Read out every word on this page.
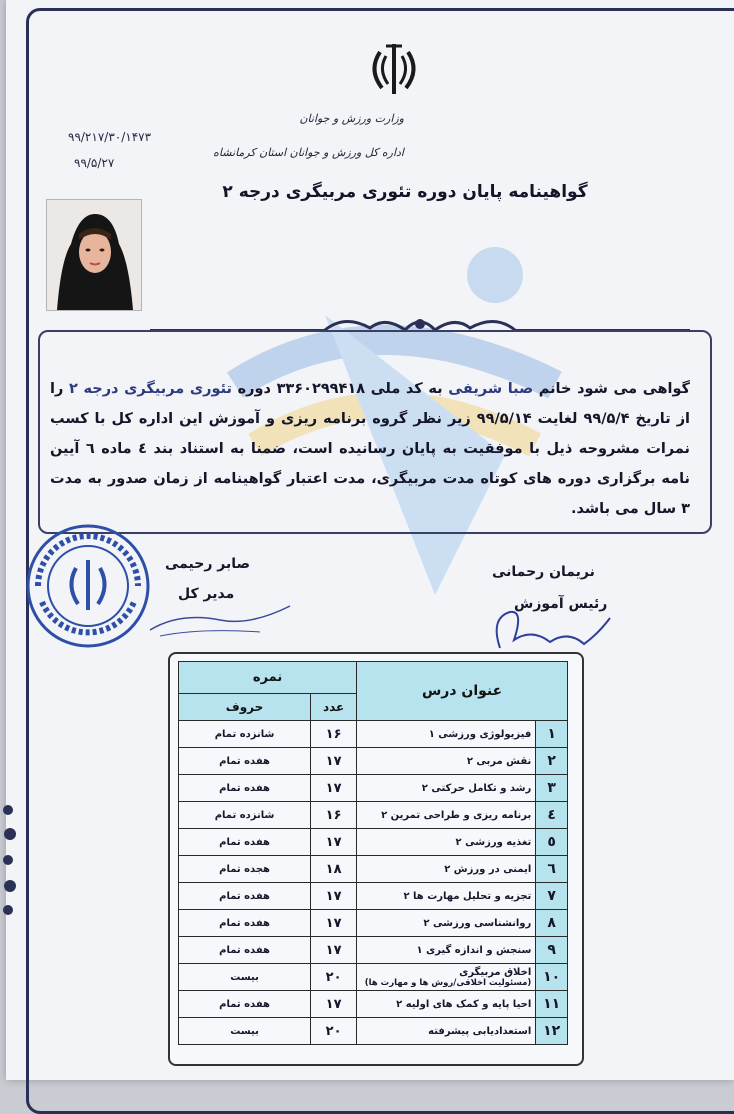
وزارت ورزش و جوانان
اداره کل ورزش و جوانان استان کرمانشاه
۹۹/۲۱۷/۳۰/۱۴۷۳
۹۹/۵/۲۷
گواهینامه پایان دوره تئوری مربیگری درجه ۲
گواهی می شود خانم صبا شریفی به کد ملی ۳۳۶۰۲۹۹۴۱۸ دوره تئوری مربیگری درجه ۲ را از تاریخ ۹۹/۵/۴ لغایت ۹۹/۵/۱۴ زیر نظر گروه برنامه ریزی و آموزش این اداره کل با کسب نمرات مشروحه ذیل با موفقیت به پایان رسانیده است، ضمنا به استناد بند ٤ ماده ٦ آیین نامه برگزاری دوره های کوتاه مدت مربیگری، مدت اعتبار گواهینامه از زمان صدور به مدت ۳ سال می باشد.
صابر رحیمی
مدیر کل
نریمان رحمانی
رئیس آموزش
عنوان درس		نمره	
		عدد	حروف
۱	فیزیولوژی ورزشی ۱	۱۶	شانزده تمام
۲	نقش مربی ۲	۱۷	هفده تمام
۳	رشد و تکامل حرکتی ۲	۱۷	هفده تمام
٤	برنامه ریزی و طراحی تمرین ۲	۱۶	شانزده تمام
٥	تغذیه ورزشی ۲	۱۷	هفده تمام
٦	ایمنی در ورزش ۲	۱۸	هجده تمام
۷	تجزیه و تحلیل مهارت ها ۲	۱۷	هفده تمام
۸	روانشناسی ورزشی ۲	۱۷	هفده تمام
۹	سنجش و اندازه گیری ۱	۱۷	هفده تمام
۱۰	اخلاق مربیگری
(مسئولیت اخلاقی/روش ها و مهارت ها)	۲۰	بیست
۱۱	احیا پایه و کمک های اولیه ۲	۱۷	هفده تمام
۱۲	استعدادیابی پیشرفته	۲۰	بیست
